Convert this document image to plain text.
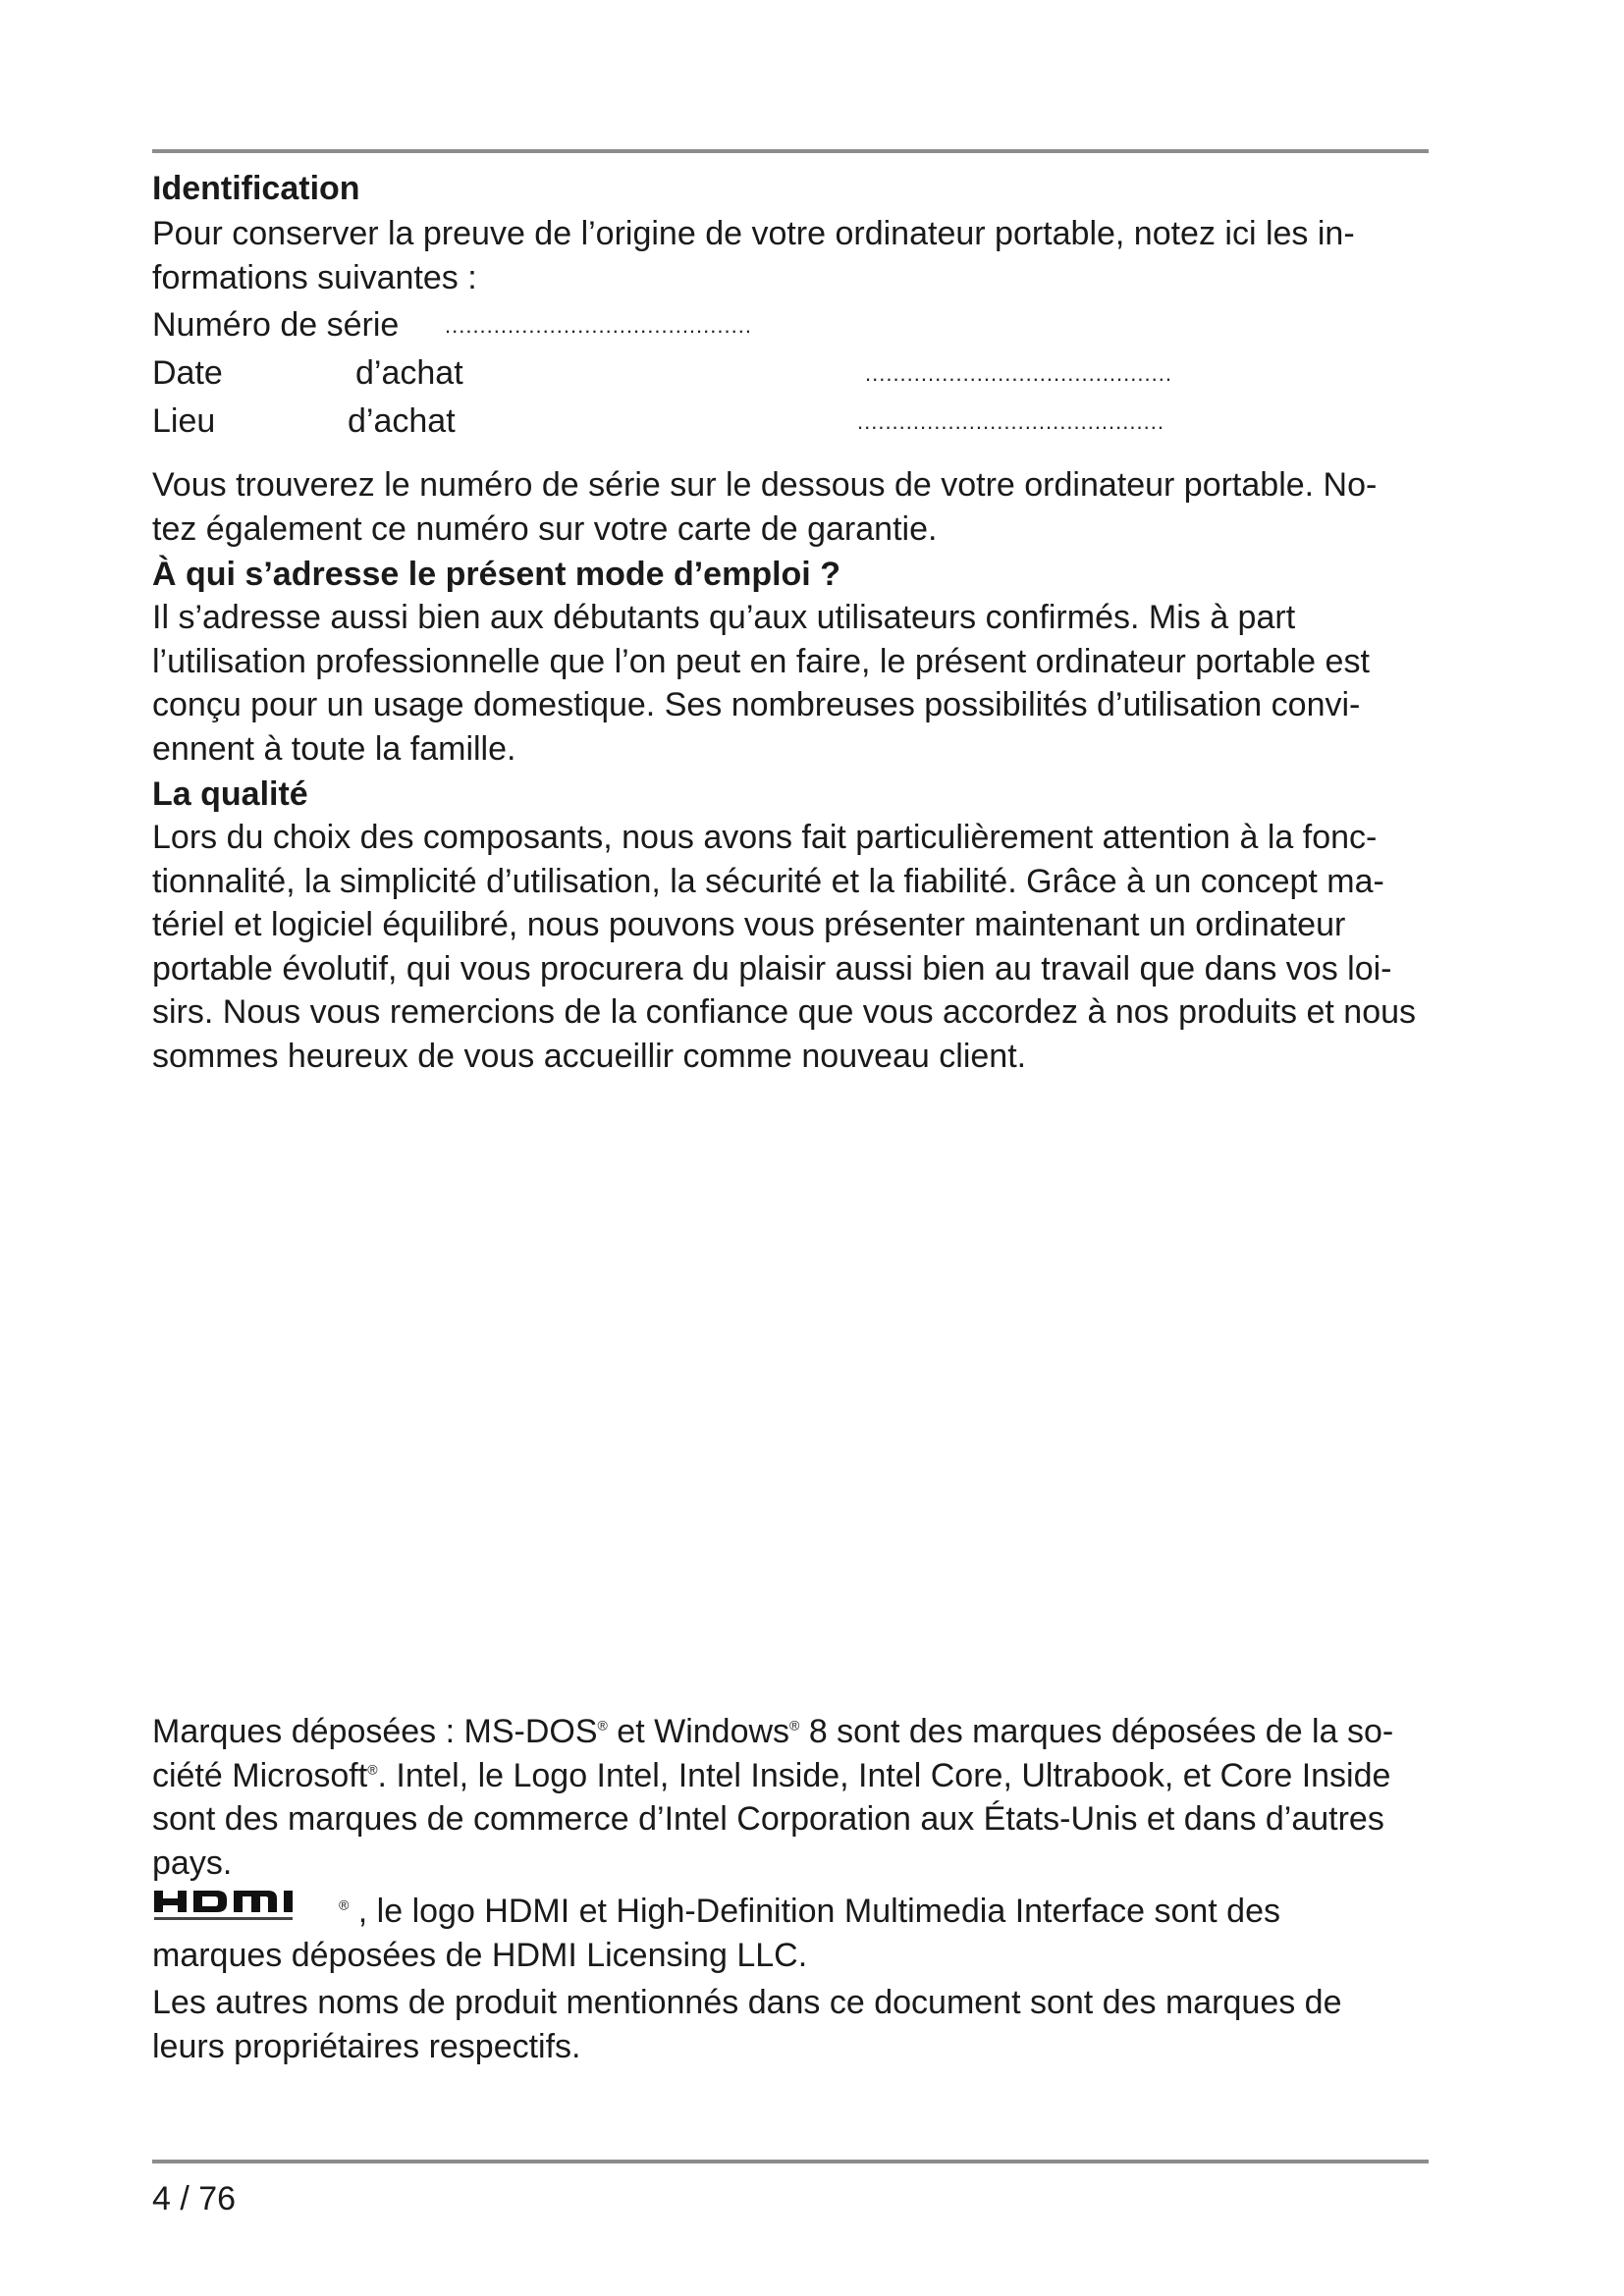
Identification

Pour conserver la preuve de l’origine de votre ordinateur portable, notez ici les in-
formations suivantes :

Numéro de série ............................................
Date	d’achat	............................................
Lieu	d’achat	............................................

Vous trouverez le numéro de série sur le dessous de votre ordinateur portable. No-
tez également ce numéro sur votre carte de garantie.

À qui s’adresse le présent mode d’emploi ?

Il s’adresse aussi bien aux débutants qu’aux utilisateurs confirmés. Mis à part
l’utilisation professionnelle que l’on peut en faire, le présent ordinateur portable est
conçu pour un usage domestique. Ses nombreuses possibilités d’utilisation convi-
ennent à toute la famille.

La qualité

Lors du choix des composants, nous avons fait particulièrement attention à la fonc-
tionnalité, la simplicité d’utilisation, la sécurité et la fiabilité. Grâce à un concept ma-
tériel et logiciel équilibré, nous pouvons vous présenter maintenant un ordinateur
portable évolutif, qui vous procurera du plaisir aussi bien au travail que dans vos loi-
sirs. Nous vous remercions de la confiance que vous accordez à nos produits et nous
sommes heureux de vous accueillir comme nouveau client.

Marques déposées : MS-DOS® et Windows® 8 sont des marques déposées de la so-
ciété Microsoft®. Intel, le Logo Intel, Intel Inside, Intel Core, Ultrabook, et Core Inside
sont des marques de commerce d’Intel Corporation aux États-Unis et dans d’autres
pays.

® , le logo HDMI et High-Definition Multimedia Interface sont des
marques déposées de HDMI Licensing LLC.

Les autres noms de produit mentionnés dans ce document sont des marques de
leurs propriétaires respectifs.

4 / 76
